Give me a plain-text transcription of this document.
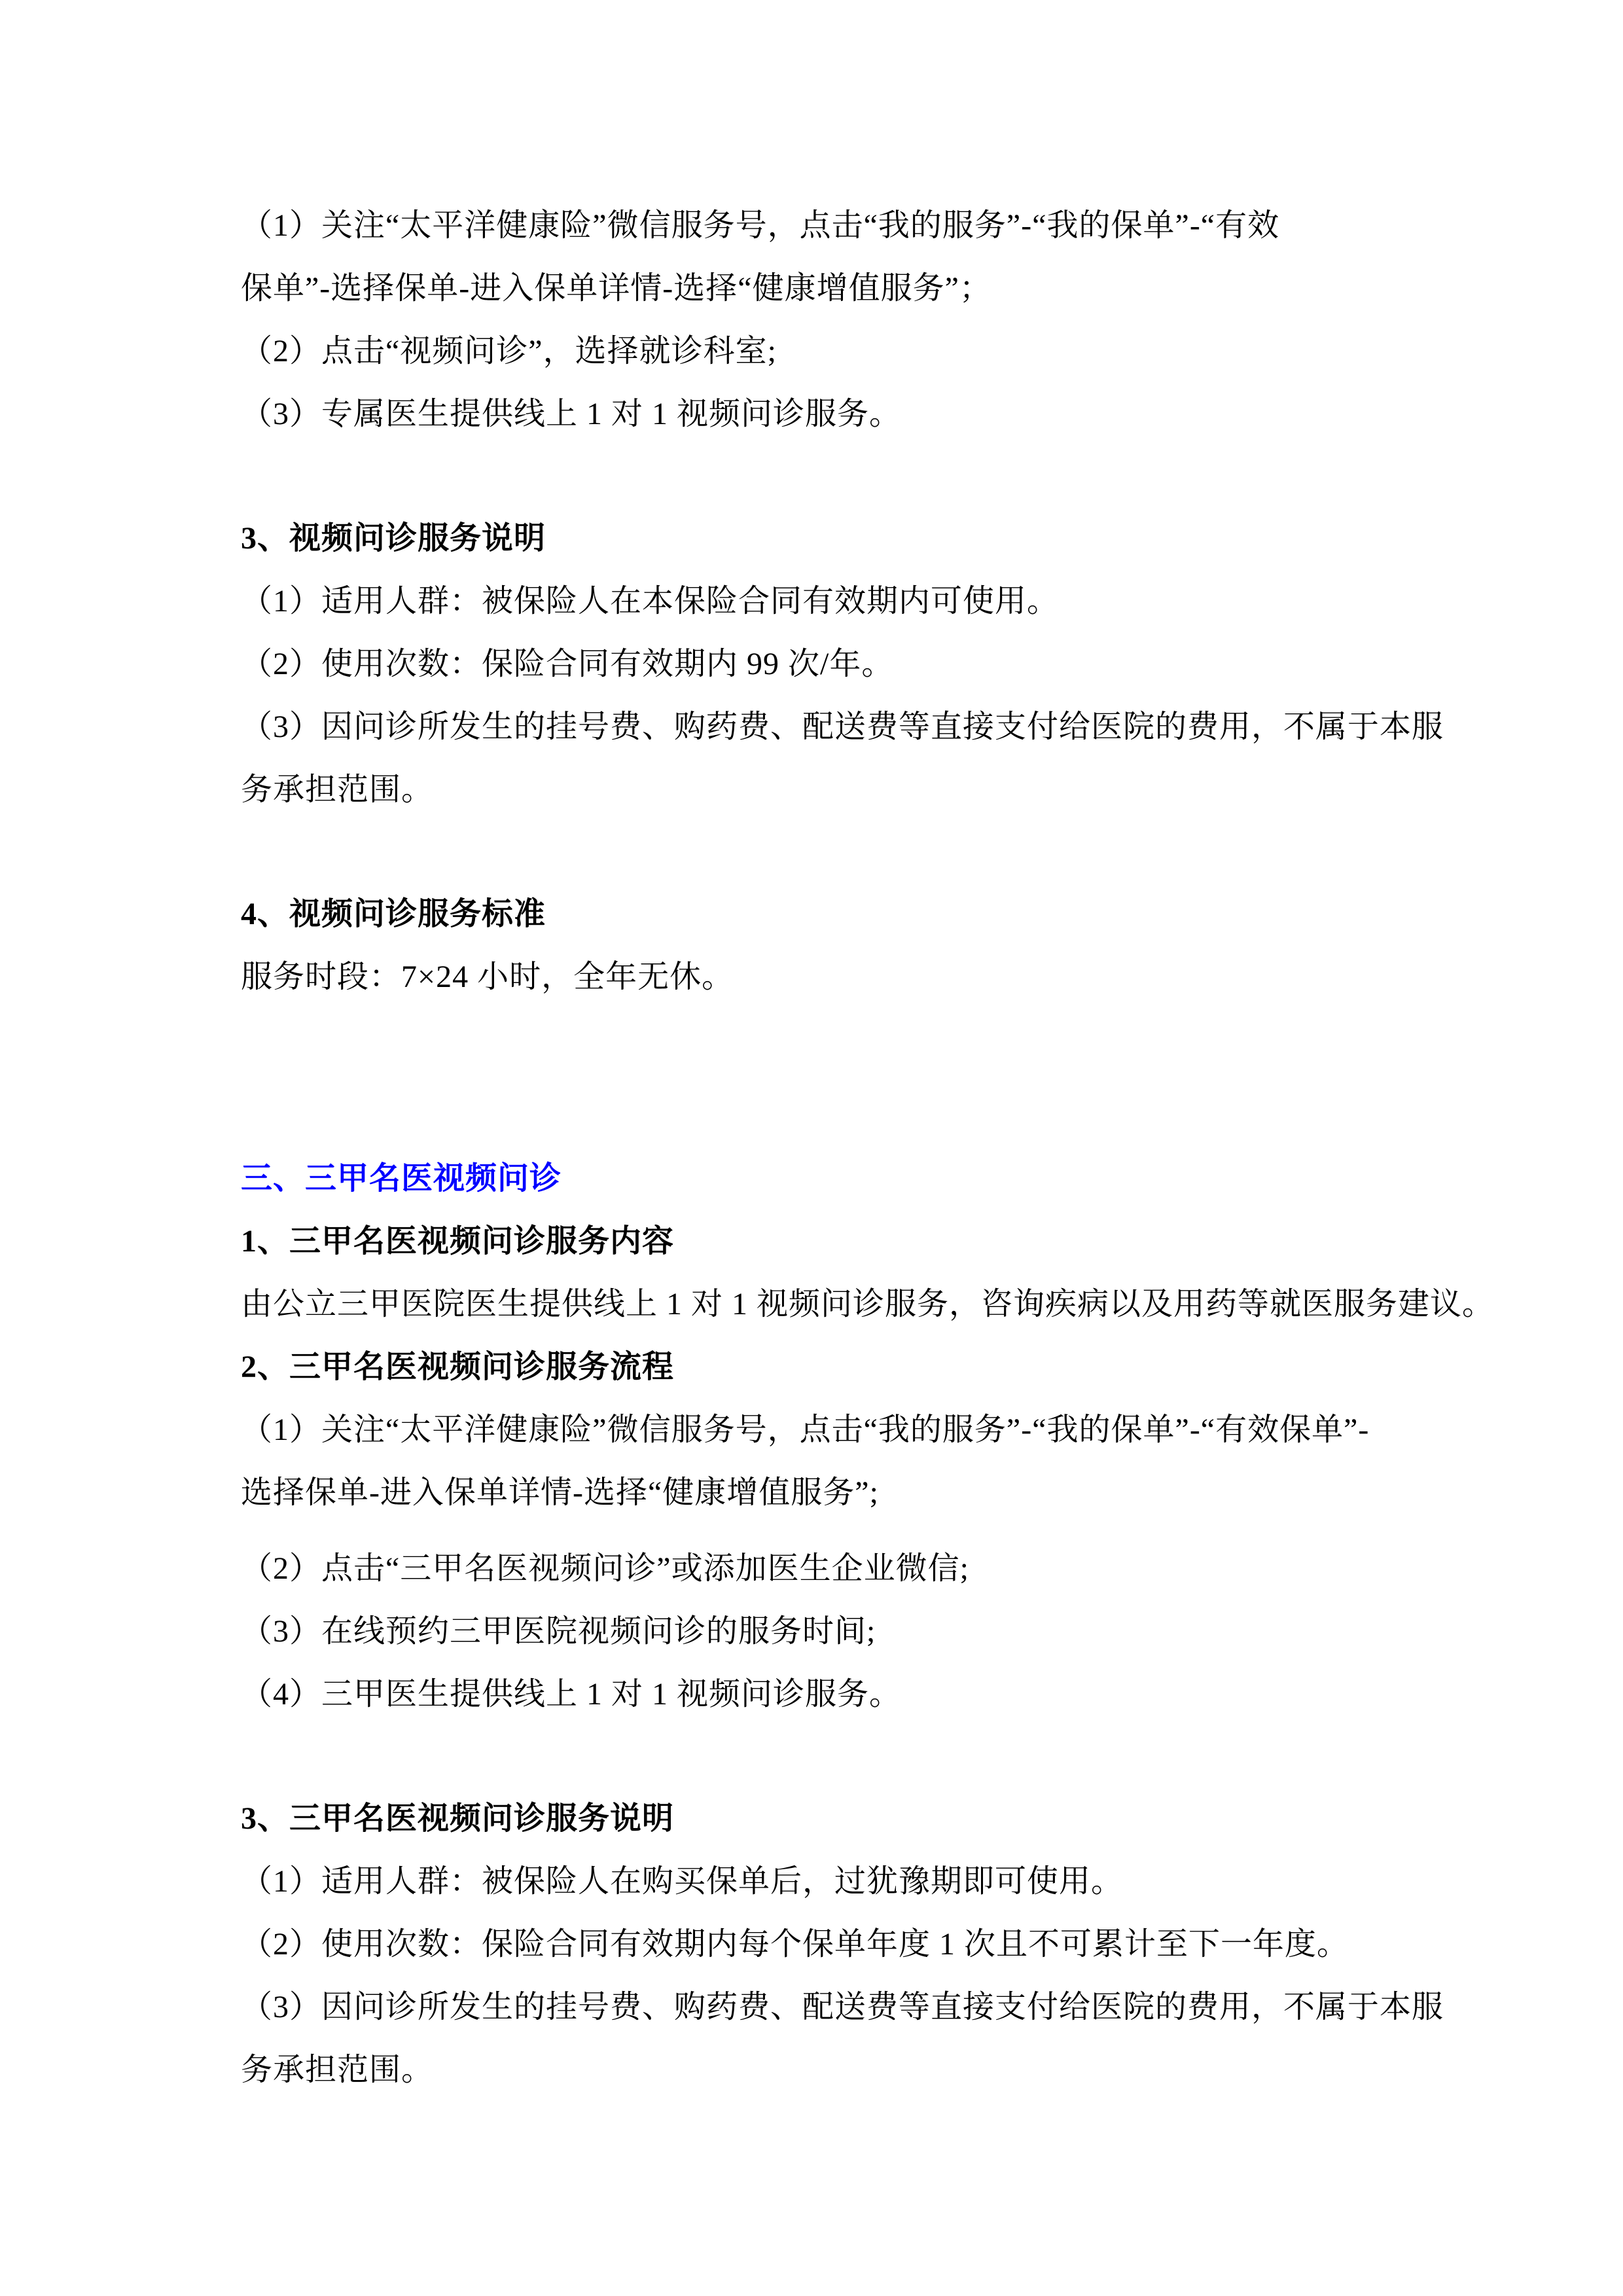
（1）关注“太平洋健康险”微信服务号，点击“我的服务”-“我的保单”-“有效
保单”-选择保单-进入保单详情-选择“健康增值服务”；
（2）点击“视频问诊”，选择就诊科室;
（3）专属医生提供线上 1 对 1 视频问诊服务。
3、视频问诊服务说明
（1）适用人群：被保险人在本保险合同有效期内可使用。
（2）使用次数：保险合同有效期内 99 次/年。
（3）因问诊所发生的挂号费、购药费、配送费等直接支付给医院的费用，不属于本服
务承担范围。
4、视频问诊服务标准
服务时段：7×24 小时，全年无休。
三、三甲名医视频问诊
1、三甲名医视频问诊服务内容
由公立三甲医院医生提供线上 1 对 1 视频问诊服务，咨询疾病以及用药等就医服务建议。
2、三甲名医视频问诊服务流程
（1）关注“太平洋健康险”微信服务号，点击“我的服务”-“我的保单”-“有效保单”-
选择保单-进入保单详情-选择“健康增值服务”;
（2）点击“三甲名医视频问诊”或添加医生企业微信;
（3）在线预约三甲医院视频问诊的服务时间;
（4）三甲医生提供线上 1 对 1 视频问诊服务。
3、三甲名医视频问诊服务说明
（1）适用人群：被保险人在购买保单后，过犹豫期即可使用。
（2）使用次数：保险合同有效期内每个保单年度 1 次且不可累计至下一年度。
（3）因问诊所发生的挂号费、购药费、配送费等直接支付给医院的费用，不属于本服
务承担范围。
